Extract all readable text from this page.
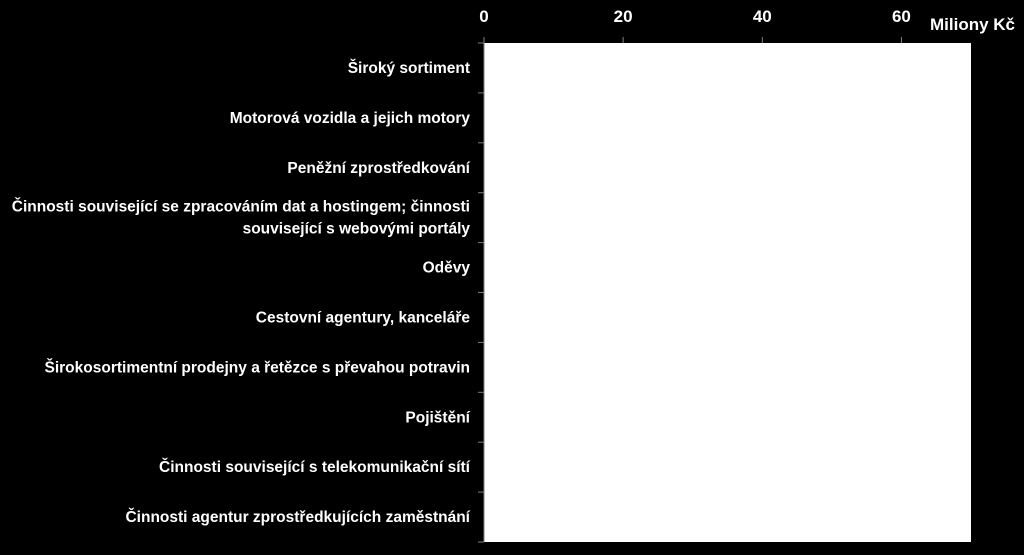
0	20	40	60 Miliony Kč
Široký sortiment
Motorová vozidla a jejich motory
Peněžní zprostředkování
Činnosti související se zpracováním dat a hostingem; činnosti související s webovými portály
Oděvy
Cestovní agentury, kanceláře
Širokosortimentní prodejny a řetězce s převahou potravin
Pojištění
Činnosti související s telekomunikační sítí
Činnosti agentur zprostředkujících zaměstnání
